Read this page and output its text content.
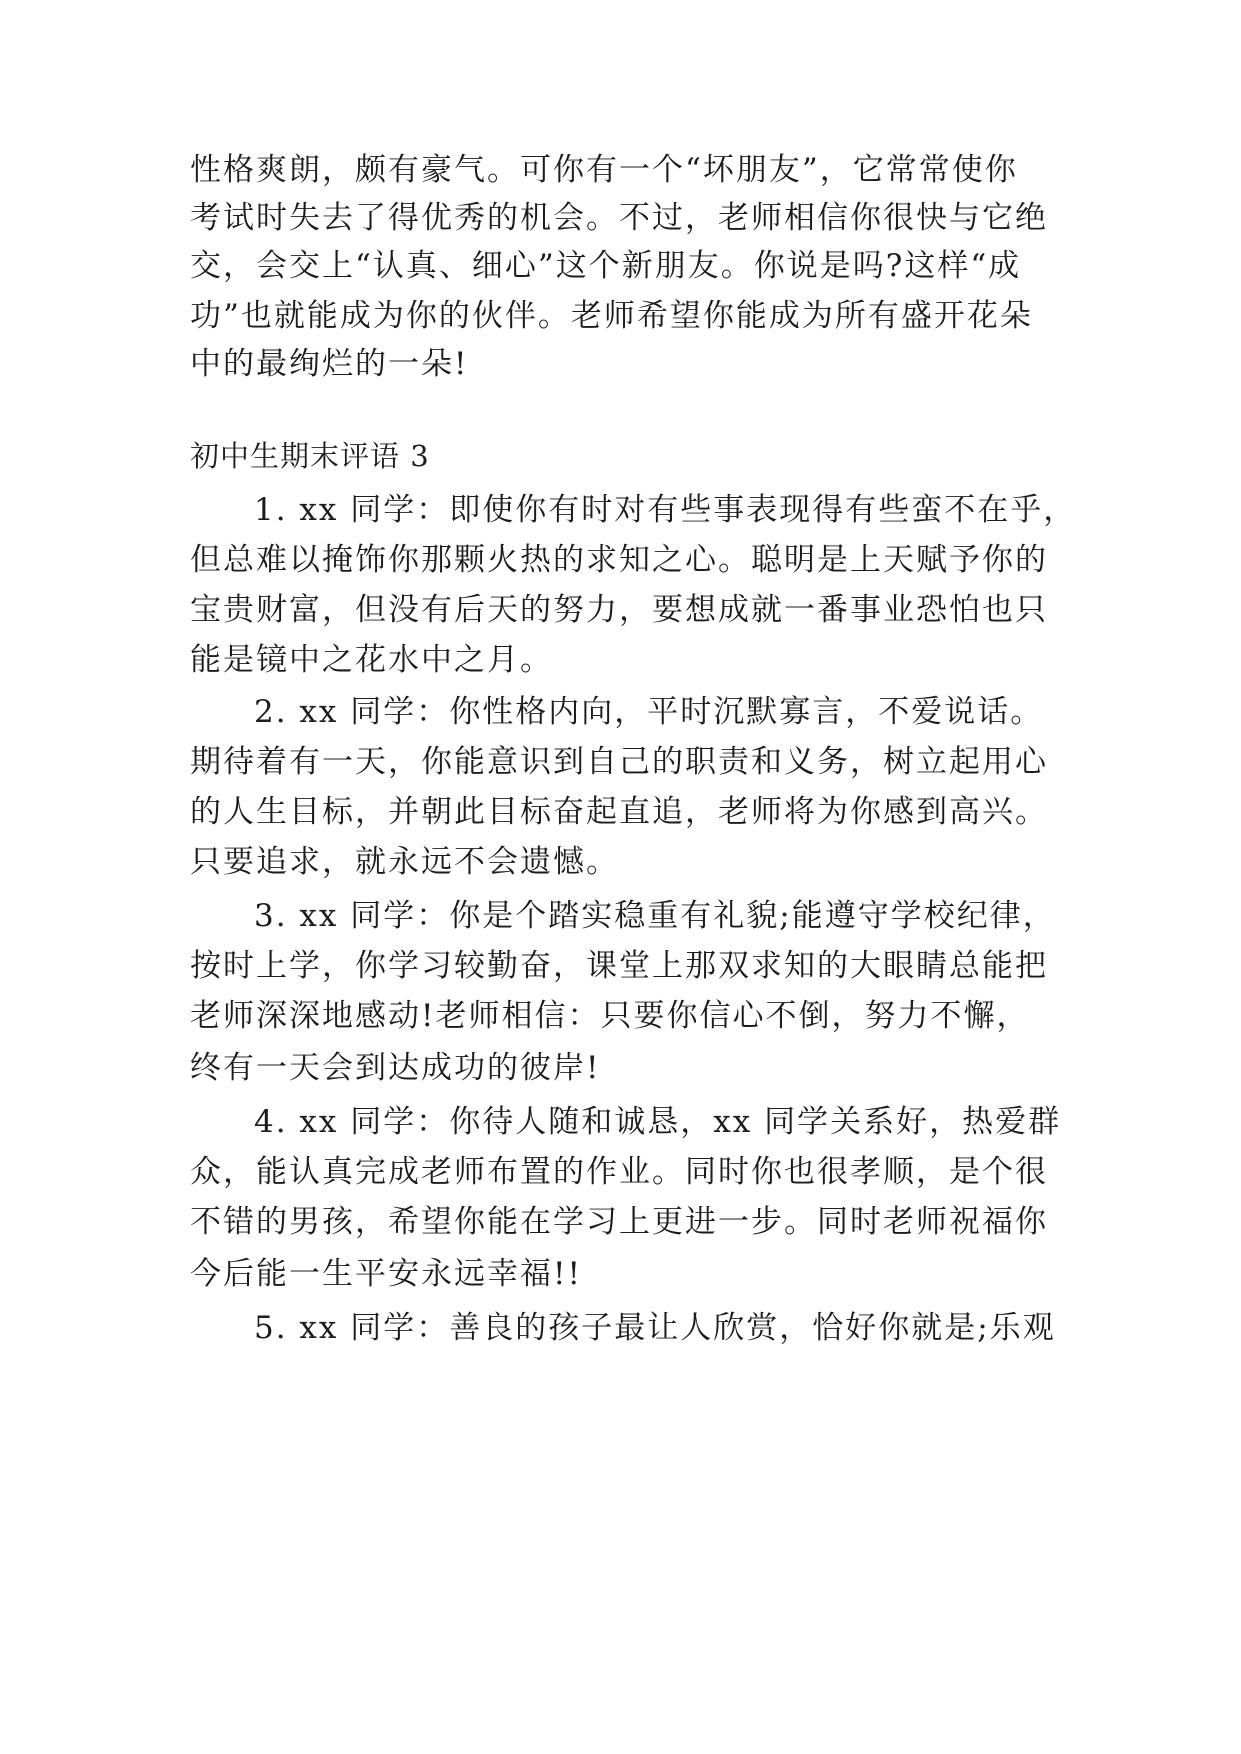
性格爽朗，颇有豪气。可你有一个“坏朋友”，它常常使你
考试时失去了得优秀的机会。不过，老师相信你很快与它绝
交，会交上“认真、细心”这个新朋友。你说是吗?这样“成
功”也就能成为你的伙伴。老师希望你能成为所有盛开花朵
中的最绚烂的一朵!
初中生期末评语 3
1. xx 同学：即使你有时对有些事表现得有些蛮不在乎，
但总难以掩饰你那颗火热的求知之心。聪明是上天赋予你的
宝贵财富，但没有后天的努力，要想成就一番事业恐怕也只
能是镜中之花水中之月。
2. xx 同学：你性格内向，平时沉默寡言，不爱说话。
期待着有一天，你能意识到自己的职责和义务，树立起用心
的人生目标，并朝此目标奋起直追，老师将为你感到高兴。
只要追求，就永远不会遗憾。
3. xx 同学：你是个踏实稳重有礼貌;能遵守学校纪律，
按时上学，你学习较勤奋，课堂上那双求知的大眼睛总能把
老师深深地感动!老师相信：只要你信心不倒，努力不懈，
终有一天会到达成功的彼岸!
4. xx 同学：你待人随和诚恳，xx 同学关系好，热爱群
众，能认真完成老师布置的作业。同时你也很孝顺，是个很
不错的男孩，希望你能在学习上更进一步。同时老师祝福你
今后能一生平安永远幸福!!
5. xx 同学：善良的孩子最让人欣赏，恰好你就是;乐观
